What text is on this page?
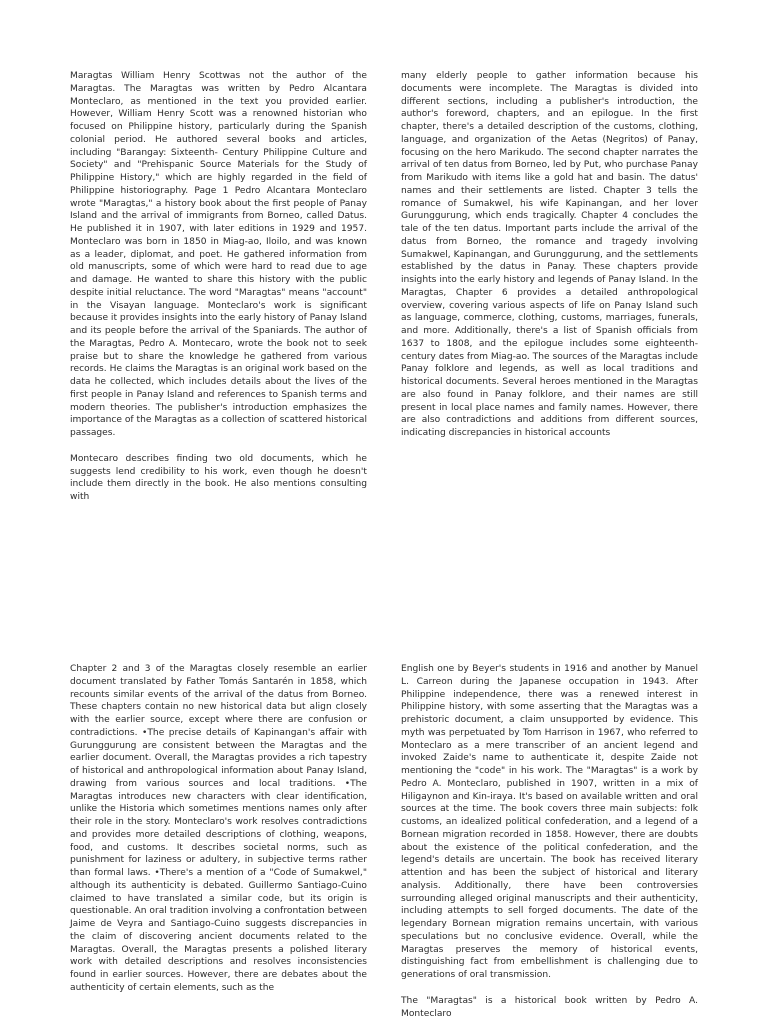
Maragtas William Henry Scottwas not the author of the Maragtas. The Maragtas was written by Pedro Alcantara Monteclaro, as mentioned in the text you provided earlier. However, William Henry Scott was a renowned historian who focused on Philippine history, particularly during the Spanish colonial period. He authored several books and articles, including "Barangay: Sixteenth- Century Philippine Culture and Society" and "Prehispanic Source Materials for the Study of Philippine History," which are highly regarded in the field of Philippine historiography. Page 1 Pedro Alcantara Monteclaro wrote "Maragtas," a history book about the first people of Panay Island and the arrival of immigrants from Borneo, called Datus. He published it in 1907, with later editions in 1929 and 1957. Monteclaro was born in 1850 in Miag-ao, Iloilo, and was known as a leader, diplomat, and poet. He gathered information from old manuscripts, some of which were hard to read due to age and damage. He wanted to share this history with the public despite initial reluctance. The word "Maragtas" means "account" in the Visayan language. Monteclaro's work is significant because it provides insights into the early history of Panay Island and its people before the arrival of the Spaniards. The author of the Maragtas, Pedro A. Montecaro, wrote the book not to seek praise but to share the knowledge he gathered from various records. He claims the Maragtas is an original work based on the data he collected, which includes details about the lives of the first people in Panay Island and references to Spanish terms and modern theories. The publisher's introduction emphasizes the importance of the Maragtas as a collection of scattered historical passages.

Montecaro describes finding two old documents, which he suggests lend credibility to his work, even though he doesn't include them directly in the book. He also mentions consulting with

many elderly people to gather information because his documents were incomplete. The Maragtas is divided into different sections, including a publisher's introduction, the author's foreword, chapters, and an epilogue. In the first chapter, there's a detailed description of the customs, clothing, language, and organization of the Aetas (Negritos) of Panay, focusing on the hero Marikudo. The second chapter narrates the arrival of ten datus from Borneo, led by Put, who purchase Panay from Marikudo with items like a gold hat and basin. The datus' names and their settlements are listed. Chapter 3 tells the romance of Sumakwel, his wife Kapinangan, and her lover Gurunggurung, which ends tragically. Chapter 4 concludes the tale of the ten datus. Important parts include the arrival of the datus from Borneo, the romance and tragedy involving Sumakwel, Kapinangan, and Gurunggurung, and the settlements established by the datus in Panay. These chapters provide insights into the early history and legends of Panay Island. In the Maragtas, Chapter 6 provides a detailed anthropological overview, covering various aspects of life on Panay Island such as language, commerce, clothing, customs, marriages, funerals, and more. Additionally, there's a list of Spanish officials from 1637 to 1808, and the epilogue includes some eighteenth-century dates from Miag-ao. The sources of the Maragtas include Panay folklore and legends, as well as local traditions and historical documents. Several heroes mentioned in the Maragtas are also found in Panay folklore, and their names are still present in local place names and family names. However, there are also contradictions and additions from different sources, indicating discrepancies in historical accounts

Chapter 2 and 3 of the Maragtas closely resemble an earlier document translated by Father Tomás Santarén in 1858, which recounts similar events of the arrival of the datus from Borneo. These chapters contain no new historical data but align closely with the earlier source, except where there are confusion or contradictions. •The precise details of Kapinangan's affair with Gurunggurung are consistent between the Maragtas and the earlier document. Overall, the Maragtas provides a rich tapestry of historical and anthropological information about Panay Island, drawing from various sources and local traditions. •The Maragtas introduces new characters with clear identification, unlike the Historia which sometimes mentions names only after their role in the story. Monteclaro's work resolves contradictions and provides more detailed descriptions of clothing, weapons, food, and customs. It describes societal norms, such as punishment for laziness or adultery, in subjective terms rather than formal laws. •There's a mention of a "Code of Sumakwel," although its authenticity is debated. Guillermo Santiago-Cuino claimed to have translated a similar code, but its origin is questionable. An oral tradition involving a confrontation between Jaime de Veyra and Santiago-Cuino suggests discrepancies in the claim of discovering ancient documents related to the Maragtas. Overall, the Maragtas presents a polished literary work with detailed descriptions and resolves inconsistencies found in earlier sources. However, there are debates about the authenticity of certain elements, such as the

English one by Beyer's students in 1916 and another by Manuel L. Carreon during the Japanese occupation in 1943. After Philippine independence, there was a renewed interest in Philippine history, with some asserting that the Maragtas was a prehistoric document, a claim unsupported by evidence. This myth was perpetuated by Tom Harrison in 1967, who referred to Monteclaro as a mere transcriber of an ancient legend and invoked Zaide's name to authenticate it, despite Zaide not mentioning the "code" in his work. The "Maragtas" is a work by Pedro A. Monteclaro, published in 1907, written in a mix of Hiligaynon and Kin-iraya. It's based on available written and oral sources at the time. The book covers three main subjects: folk customs, an idealized political confederation, and a legend of a Bornean migration recorded in 1858. However, there are doubts about the existence of the political confederation, and the legend's details are uncertain. The book has received literary attention and has been the subject of historical and literary analysis. Additionally, there have been controversies surrounding alleged original manuscripts and their authenticity, including attempts to sell forged documents. The date of the legendary Bornean migration remains uncertain, with various speculations but no conclusive evidence. Overall, while the Maragtas preserves the memory of historical events, distinguishing fact from embellishment is challenging due to generations of oral transmission.

The "Maragtas" is a historical book written by Pedro A. Monteclaro
